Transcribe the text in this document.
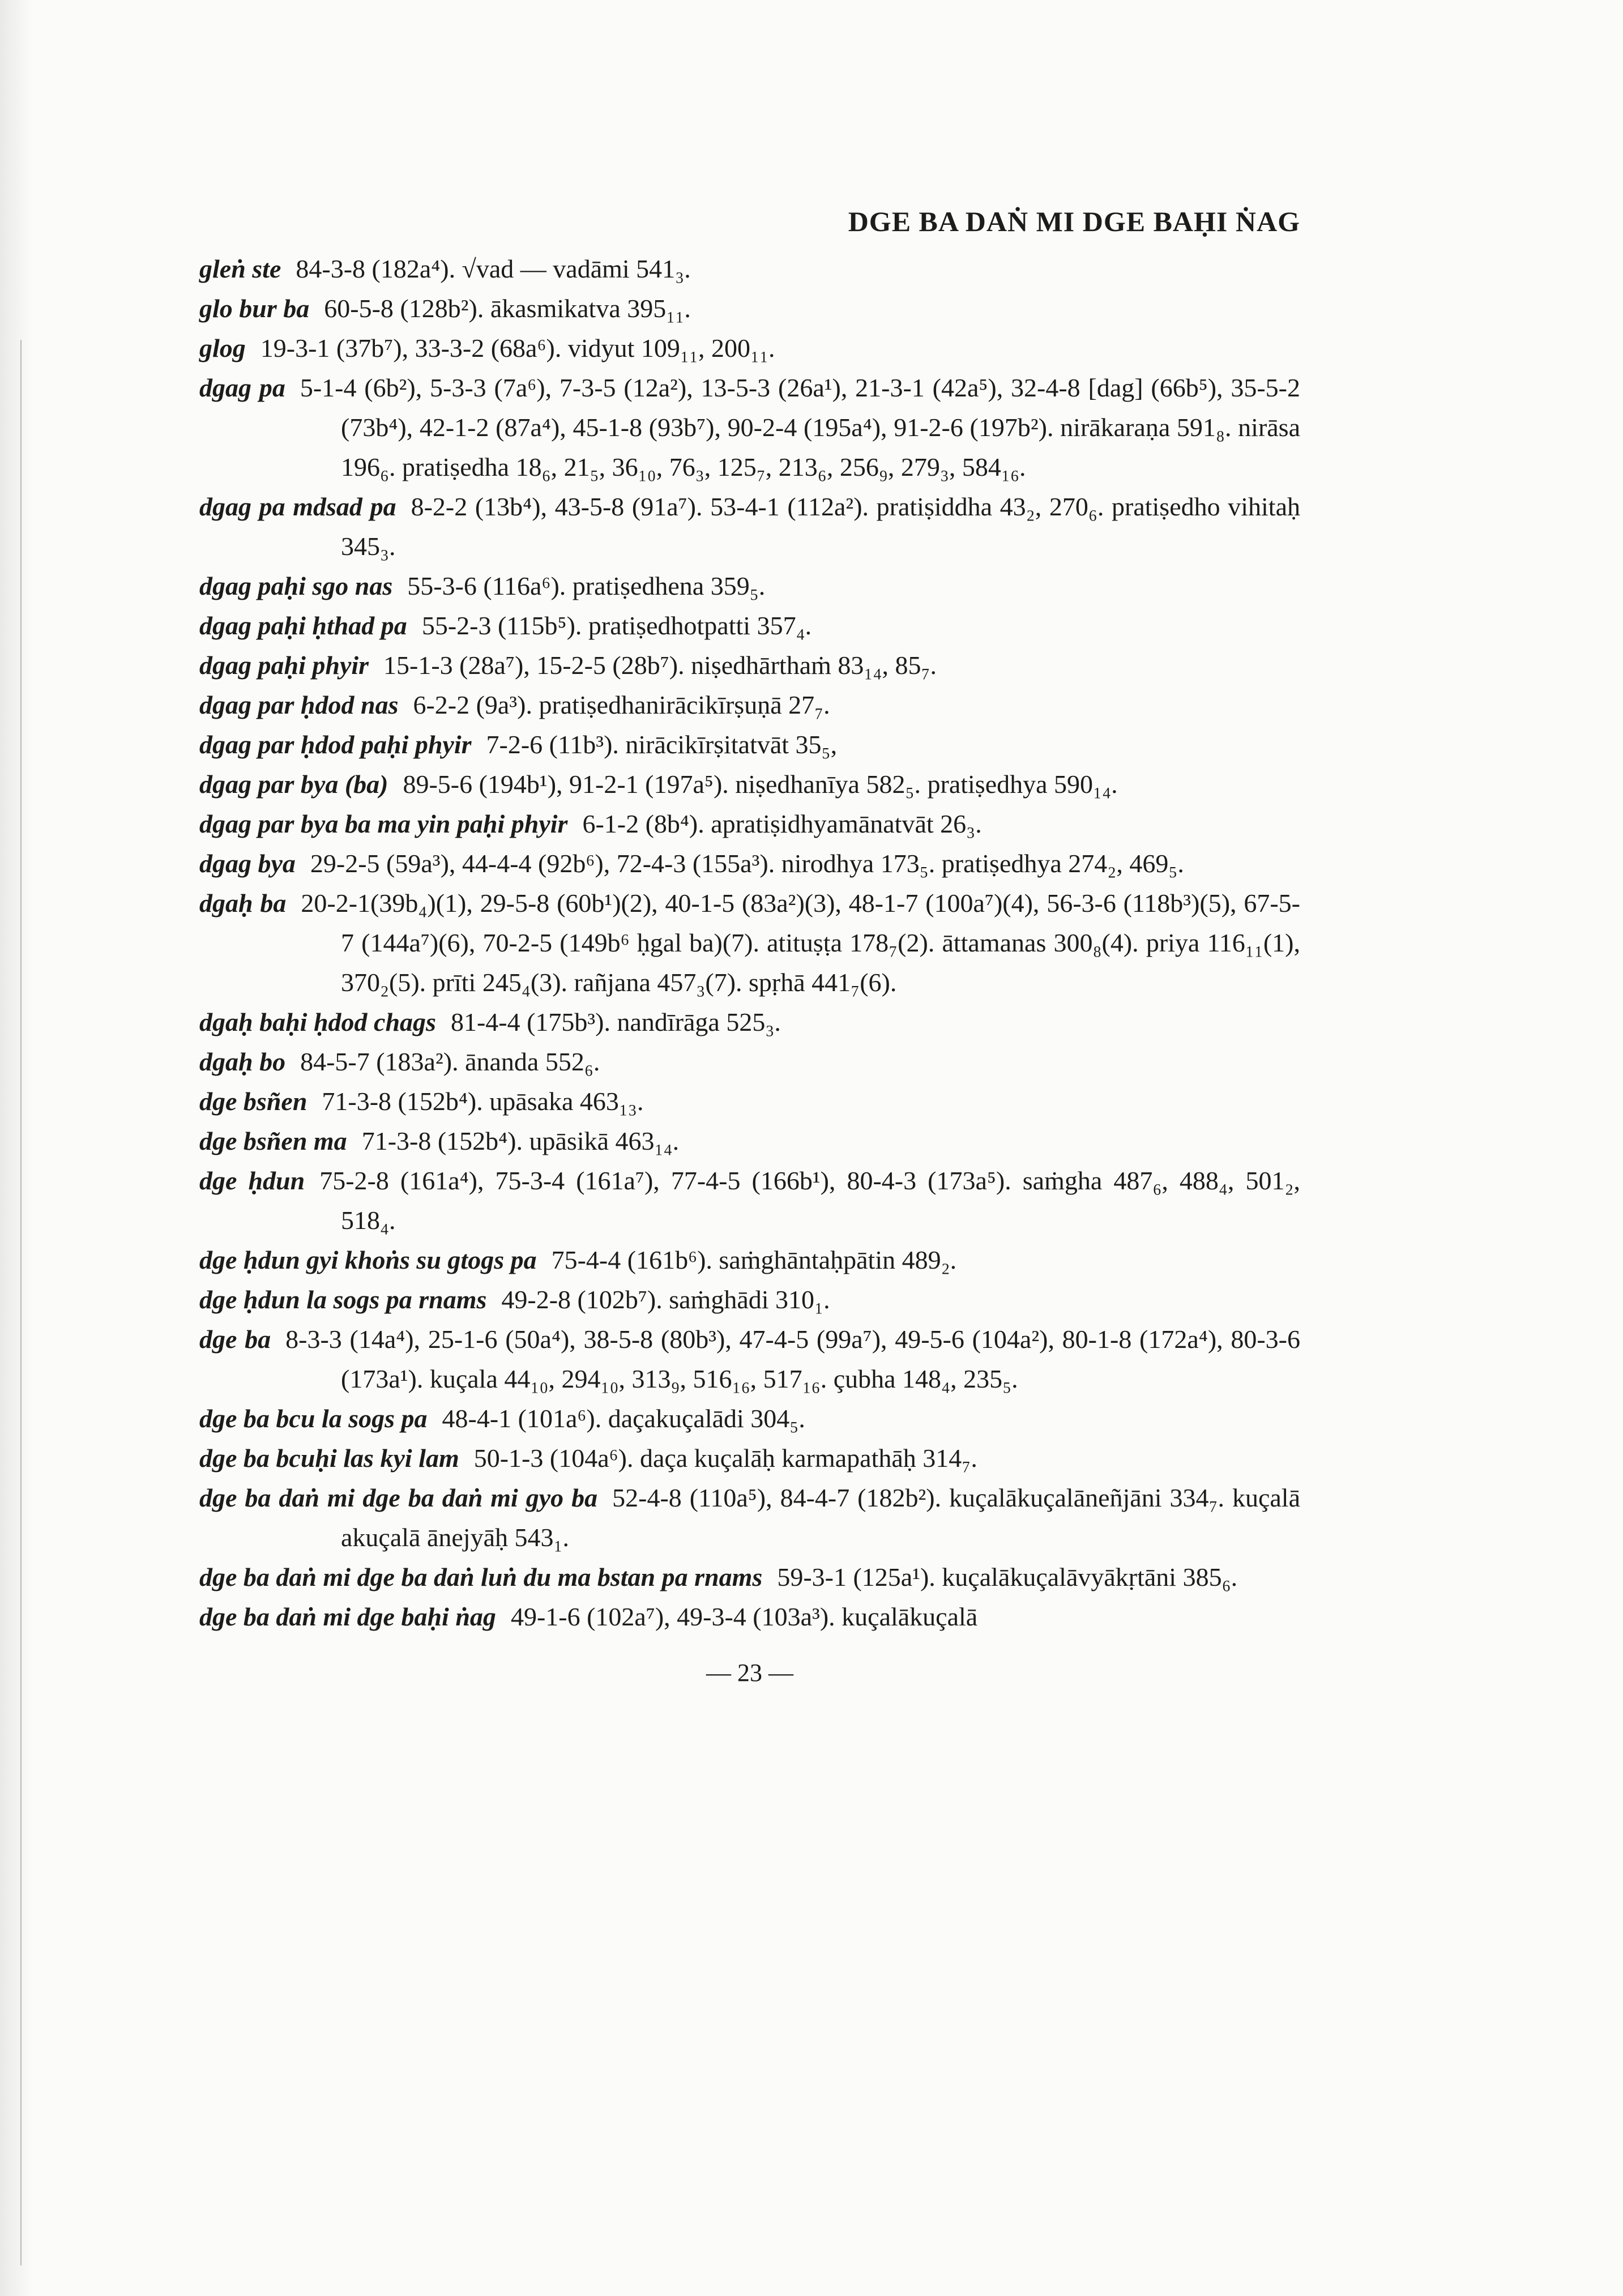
DGE BA DAṄ MI DGE BAḤI ṄAG
gleṅ ste 84-3-8 (182a⁴). √vad — vadāmi 541₃.
glo bur ba 60-5-8 (128b²). ākasmikatva 395₁₁.
glog 19-3-1 (37b⁷), 33-3-2 (68a⁶). vidyut 109₁₁, 200₁₁.
dgag pa 5-1-4 (6b²), 5-3-3 (7a⁶), 7-3-5 (12a²), 13-5-3 (26a¹), 21-3-1 (42a⁵), 32-4-8 [dag] (66b⁵), 35-5-2 (73b⁴), 42-1-2 (87a⁴), 45-1-8 (93b⁷), 90-2-4 (195a⁴), 91-2-6 (197b²). nirākaraṇa 591₈. nirāsa 196₆. pratiṣedha 18₆, 21₅, 36₁₀, 76₃, 125₇, 213₆, 256₉, 279₃, 584₁₆.
dgag pa mdsad pa 8-2-2 (13b⁴), 43-5-8 (91a⁷). 53-4-1 (112a²). pratiṣiddha 43₂, 270₆. pratiṣedho vihitaḥ 345₃.
dgag paḥi sgo nas 55-3-6 (116a⁶). pratiṣedhena 359₅.
dgag paḥi ḥthad pa 55-2-3 (115b⁵). pratiṣedhotpatti 357₄.
dgag paḥi phyir 15-1-3 (28a⁷), 15-2-5 (28b⁷). niṣedhārthaṁ 83₁₄, 85₇.
dgag par ḥdod nas 6-2-2 (9a³). pratiṣedhanirācikīrṣuṇā 27₇.
dgag par ḥdod paḥi phyir 7-2-6 (11b³). nirācikīrṣitatvāt 35₅,
dgag par bya (ba) 89-5-6 (194b¹), 91-2-1 (197a⁵). niṣedhanīya 582₅. pratiṣedhya 590₁₄.
dgag par bya ba ma yin paḥi phyir 6-1-2 (8b⁴). apratiṣidhyamānatvāt 26₃.
dgag bya 29-2-5 (59a³), 44-4-4 (92b⁶), 72-4-3 (155a³). nirodhya 173₅. pratiṣedhya 274₂, 469₅.
dgaḥ ba 20-2-1(39b₄)(1), 29-5-8 (60b¹)(2), 40-1-5 (83a²)(3), 48-1-7 (100a⁷)(4), 56-3-6 (118b³)(5), 67-5-7 (144a⁷)(6), 70-2-5 (149b⁶ ḥgal ba)(7). atituṣṭa 178₇(2). āttamanas 300₈(4). priya 116₁₁(1), 370₂(5). prīti 245₄(3). rañjana 457₃(7). spṛhā 441₇(6).
dgaḥ baḥi ḥdod chags 81-4-4 (175b³). nandīrāga 525₃.
dgaḥ bo 84-5-7 (183a²). ānanda 552₆.
dge bsñen 71-3-8 (152b⁴). upāsaka 463₁₃.
dge bsñen ma 71-3-8 (152b⁴). upāsikā 463₁₄.
dge ḥdun 75-2-8 (161a⁴), 75-3-4 (161a⁷), 77-4-5 (166b¹), 80-4-3 (173a⁵). saṁgha 487₆, 488₄, 501₂, 518₄.
dge ḥdun gyi khoṅs su gtogs pa 75-4-4 (161b⁶). saṁghāntaḥpātin 489₂.
dge ḥdun la sogs pa rnams 49-2-8 (102b⁷). saṁghādi 310₁.
dge ba 8-3-3 (14a⁴), 25-1-6 (50a⁴), 38-5-8 (80b³), 47-4-5 (99a⁷), 49-5-6 (104a²), 80-1-8 (172a⁴), 80-3-6 (173a¹). kuçala 44₁₀, 294₁₀, 313₉, 516₁₆, 517₁₆. çubha 148₄, 235₅.
dge ba bcu la sogs pa 48-4-1 (101a⁶). daçakuçalādi 304₅.
dge ba bcuḥi las kyi lam 50-1-3 (104a⁶). daça kuçalāḥ karmapathāḥ 314₇.
dge ba daṅ mi dge ba daṅ mi gyo ba 52-4-8 (110a⁵), 84-4-7 (182b²). kuçalākuçalāneñjāni 334₇. kuçalā akuçalā ānejyāḥ 543₁.
dge ba daṅ mi dge ba daṅ luṅ du ma bstan pa rnams 59-3-1 (125a¹). kuçalākuçalāvyākṛtāni 385₆.
dge ba daṅ mi dge baḥi ṅag 49-1-6 (102a⁷), 49-3-4 (103a³). kuçalākuçalā
— 23 —
